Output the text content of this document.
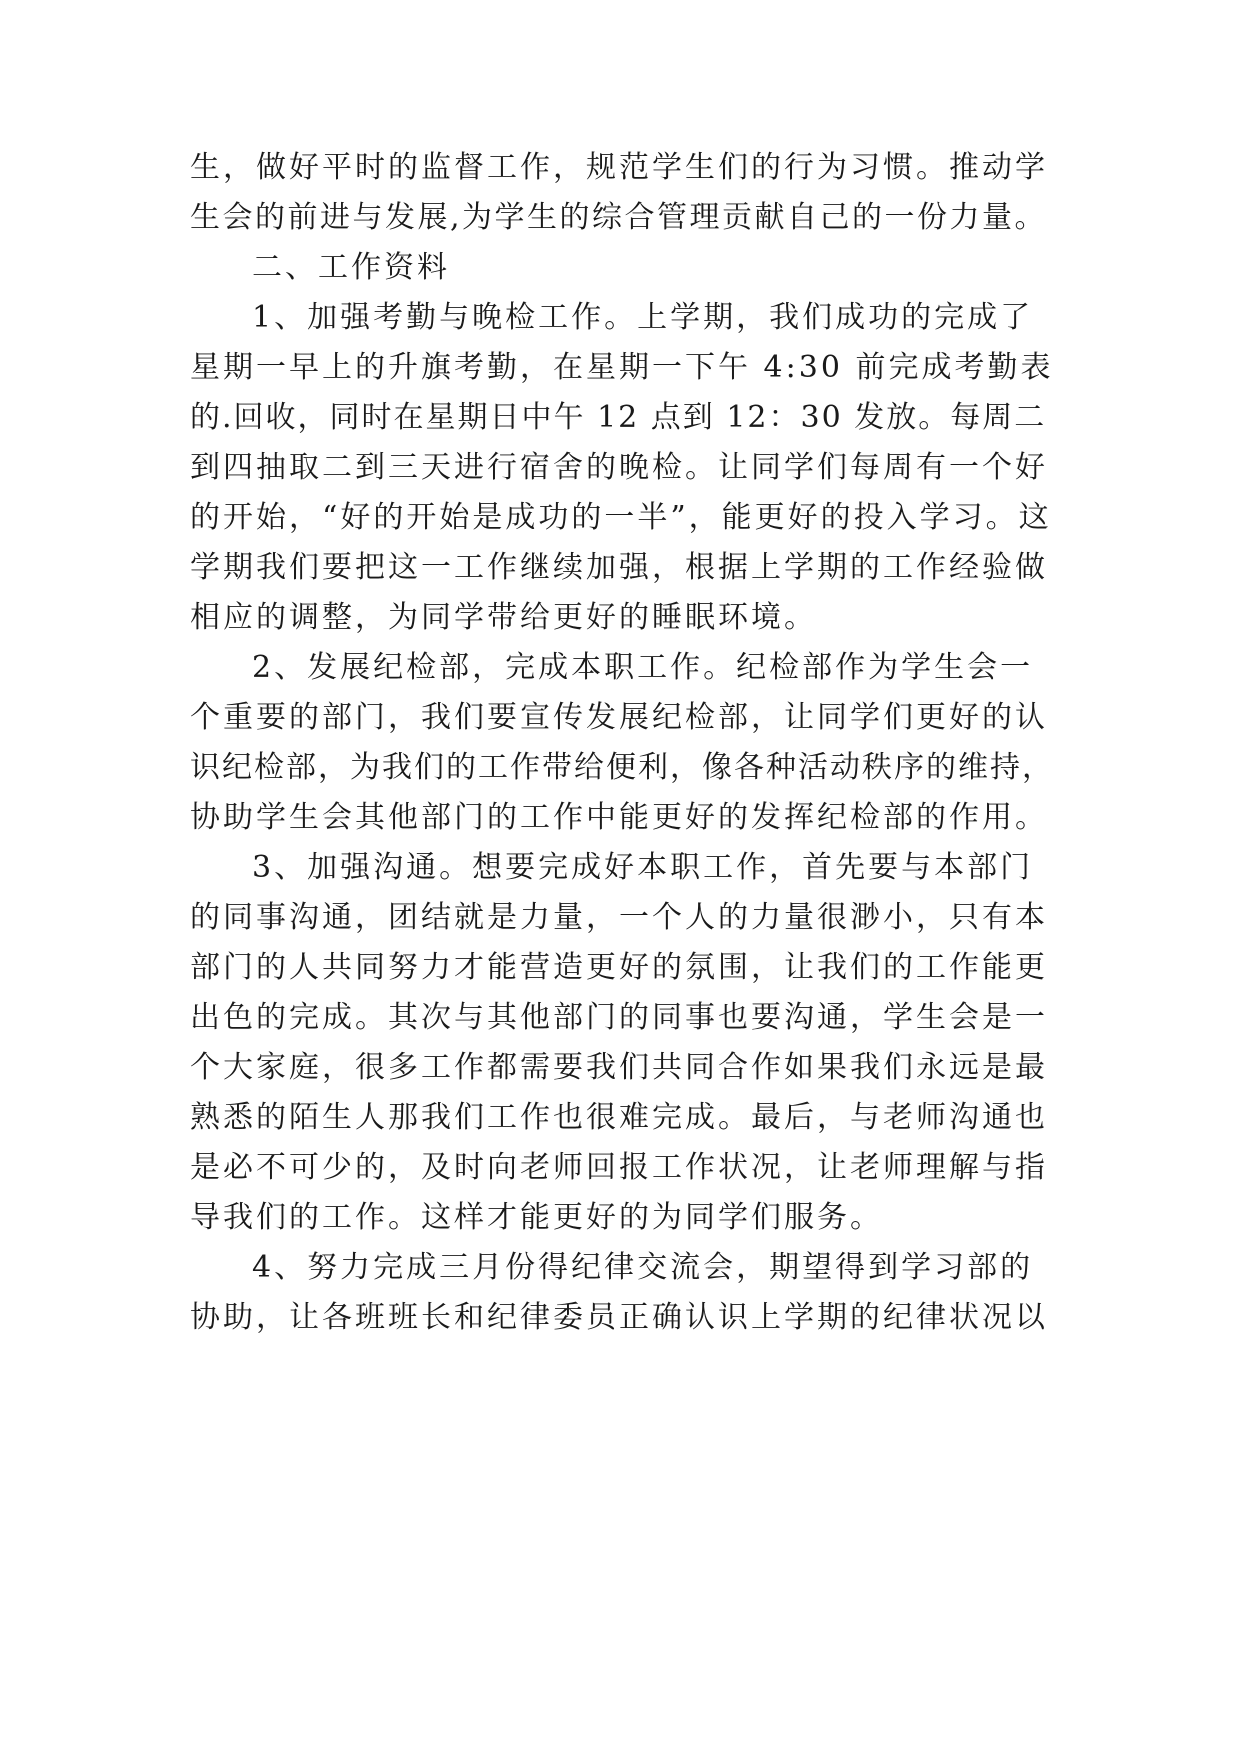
生，做好平时的监督工作，规范学生们的行为习惯。推动学

生会的前进与发展,为学生的综合管理贡献自己的一份力量。

二、工作资料

1、加强考勤与晚检工作。上学期，我们成功的完成了

星期一早上的升旗考勤，在星期一下午 4:30 前完成考勤表

的.回收，同时在星期日中午 12 点到 12：30 发放。每周二

到四抽取二到三天进行宿舍的晚检。让同学们每周有一个好

的开始，“好的开始是成功的一半”，能更好的投入学习。这

学期我们要把这一工作继续加强，根据上学期的工作经验做

相应的调整，为同学带给更好的睡眠环境。

2、发展纪检部，完成本职工作。纪检部作为学生会一

个重要的部门，我们要宣传发展纪检部，让同学们更好的认

识纪检部，为我们的工作带给便利，像各种活动秩序的维持，

协助学生会其他部门的工作中能更好的发挥纪检部的作用。

3、加强沟通。想要完成好本职工作，首先要与本部门

的同事沟通，团结就是力量，一个人的力量很渺小，只有本

部门的人共同努力才能营造更好的氛围，让我们的工作能更

出色的完成。其次与其他部门的同事也要沟通，学生会是一

个大家庭，很多工作都需要我们共同合作如果我们永远是最

熟悉的陌生人那我们工作也很难完成。最后，与老师沟通也

是必不可少的，及时向老师回报工作状况，让老师理解与指

导我们的工作。这样才能更好的为同学们服务。

4、努力完成三月份得纪律交流会，期望得到学习部的

协助，让各班班长和纪律委员正确认识上学期的纪律状况以
